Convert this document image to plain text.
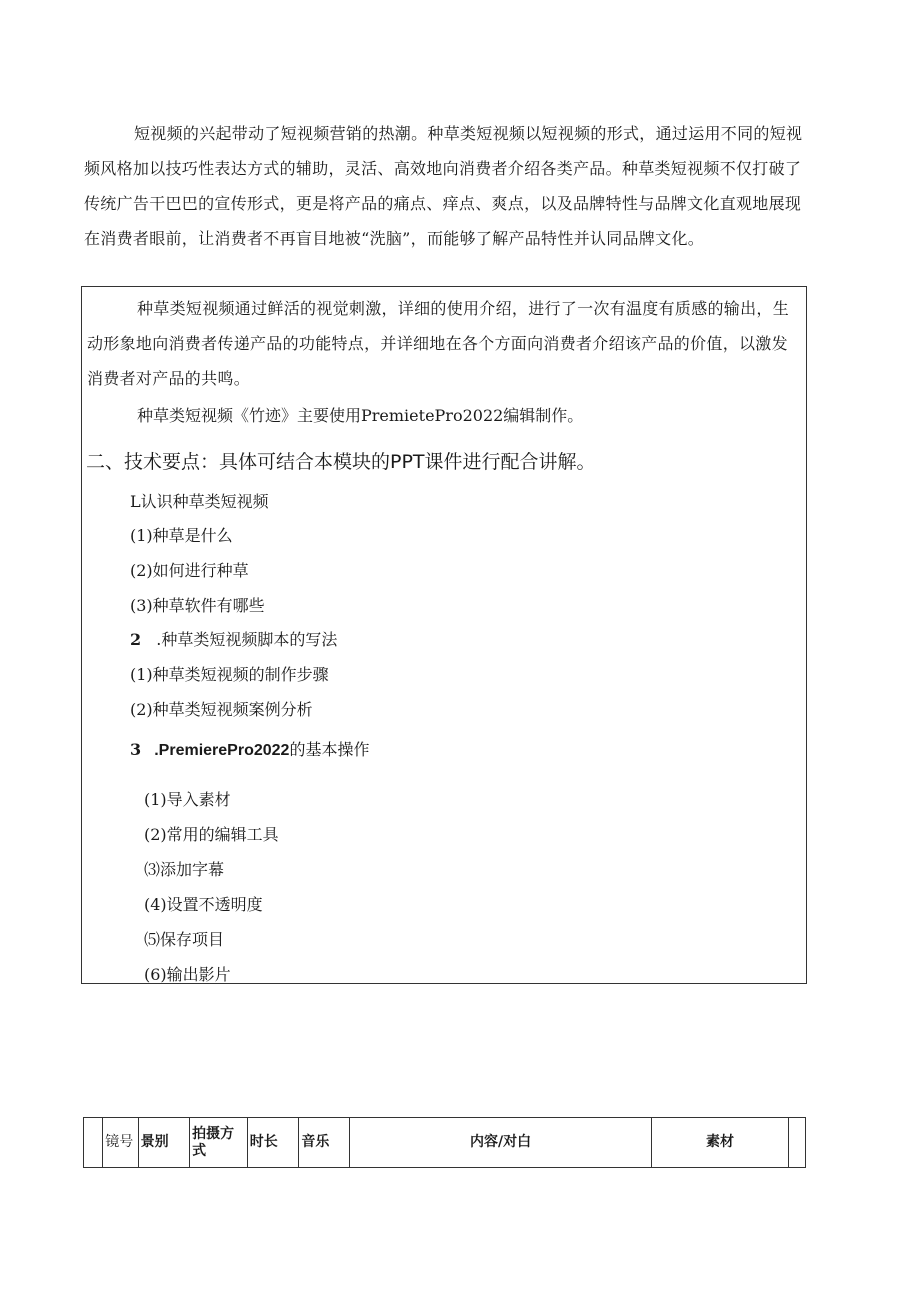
短视频的兴起带动了短视频营销的热潮。种草类短视频以短视频的形式，通过运用不同的短视频风格加以技巧性表达方式的辅助，灵活、高效地向消费者介绍各类产品。种草类短视频不仅打破了传统广告干巴巴的宣传形式，更是将产品的痛点、痒点、爽点，以及品牌特性与品牌文化直观地展现在消费者眼前，让消费者不再盲目地被“洗脑”，而能够了解产品特性并认同品牌文化。

种草类短视频通过鲜活的视觉刺激，详细的使用介绍，进行了一次有温度有质感的输出，生动形象地向消费者传递产品的功能特点，并详细地在各个方面向消费者介绍该产品的价值，以激发消费者对产品的共鸣。

种草类短视频《竹迹》主要使用PremietePro2022编辑制作。

二、技术要点：具体可结合本模块的PPT课件进行配合讲解。

L认识种草类短视频

(1)种草是什么

(2)如何进行种草

(3)种草软件有哪些

2 .种草类短视频脚本的写法

(1)种草类短视频的制作步骤

(2)种草类短视频案例分析

3 .PremierePro2022的基本操作

(1)导入素材

(2)常用的编辑工具

⑶添加字幕

(4)设置不透明度

⑸保存项目

(6)输出影片

	镜号	景别	拍摄方式	时长	音乐	内容/对白	素材	
